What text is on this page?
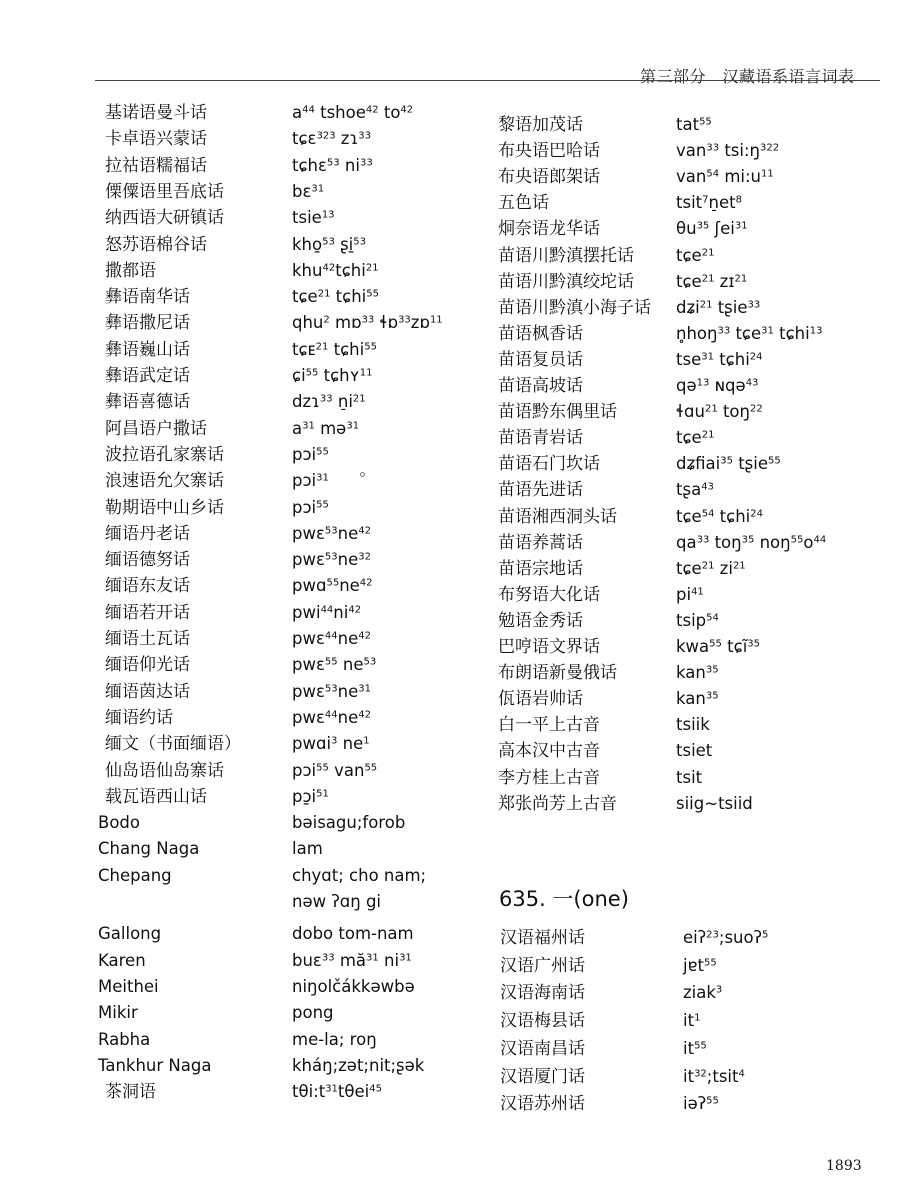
第三部分　汉藏语系语言词表
基诺语曼斗话
卡卓语兴蒙话
拉祜语糯福话
傈僳语里吾底话
纳西语大研镇话
怒苏语棉谷话
撒都语
彝语南华话
彝语撒尼话
彝语巍山话
彝语武定话
彝语喜德话
阿昌语户撒话
波拉语孔家寨话
浪速语允欠寨话
勒期语中山乡话
缅语丹老话
缅语德努话
缅语东友话
缅语若开话
缅语土瓦话
缅语仰光话
缅语茵达话
缅语约话
缅文（书面缅语）
仙岛语仙岛寨话
载瓦语西山话
Bodo
Chang Naga
Chepang
Gallong
Karen
Meithei
Mikir
Rabha
Tankhur Naga
茶洞语
$a^{44}$ tshoe$^{42}$ $to^{42}$
tɕɛ$^{323}$ zɿ$^{33}$
tɕhɛ$^{53}$ $ni^{33}$
bɛ$^{31}$
tsie$^{13}$
kho̱$^{53}$ ʂi̱$^{53}$
khu$^{42}$tɕhi$^{21}$
tɕe$^{21}$ tɕhi$^{55}$
qhu$^2$ mɒ$^{33}$ ɬɒ$^{33}$zɒ$^{11}$
tɕᴇ$^{21}$ tɕhi$^{55}$
ɕi$^{55}$ tɕhʏ$^{11}$
dzɿ$^{33}$ $n̠i^{21}$
$a^{31}$ mə$^{31}$
pɔi$^{55}$
pɔi$^{31}$
pɔi$^{55}$
$pwɛ^{53}ne^{42}$
$pwɛ^{53}ne^{32}$
$pwɑ^{55}ne^{42}$
$pwi^{44}ni^{42}$
$pwɛ^{44}ne^{42}$
pwɛ$^{55}$ $ne^{53}$
$pwɛ^{53}ne^{31}$
$pwɛ^{44}ne^{42}$
pwɑi$^3$ $ne^1$
pɔi$^{55}$ van$^{55}$
$pɔ̱i^{51}$
bəisagu;forob
lam
chyɑt; cho nam;
nəw ʔɑŋ gi
dobo tom-nam
buɛ$^{33}$ $mă^{31}$ $ni^{31}$
niŋolčákkəwbə
pong
me-la; roŋ
kháŋ;zət;nit;ʂək
$t\theta i:t^{31}t\theta ei^{45}$
黎语加茂话
布央语巴哈话
布央语郎架话
五色话
炯奈语龙华话
苗语川黔滇摆托话
苗语川黔滇绞坨话
苗语川黔滇小海子话
苗语枫香话
苗语复员话
苗语高坡话
苗语黔东偶里话
苗语青岩话
苗语石门坎话
苗语先进话
苗语湘西洞头话
苗语养蒿话
苗语宗地话
布努语大化话
勉语金秀话
巴哼语文界话
布朗语新曼俄话
佤语岩帅话
白一平上古音
高本汉中古音
李方桂上古音
郑张尚芳上古音
tat$^{55}$
van$^{33}$ $tsi:ŋ^{322}$
van$^{54}$ $mi:u^{11}$
$tsit^7n̠et^8$
$\theta u^{35}$ ʃei$^{31}$
tɕe$^{21}$
tɕe$^{21}$ zɪ$^{21}$
dʑi$^{21}$ tʂie$^{33}$
n̥hoŋ$^{33}$ tɕe$^{31}$ tɕhi$^{13}$
tse$^{31}$ tɕhi$^{24}$
qə$^{13}$ ɴqə$^{43}$
ɬɑu$^{21}$ toŋ$^{22}$
tɕe$^{21}$
dʑfiai$^{35}$ tʂie$^{55}$
tʂa$^{43}$
tɕe$^{54}$ tɕhi$^{24}$
$qa^{33}$ toŋ$^{35}$ $noŋ^{55}o^{44}$
tɕe$^{21}$ $zi^{21}$
$pi^{41}$
tsip$^{54}$
kwa$^{55}$ tɕĩ$^{35}$
kan$^{35}$
kan$^{35}$
tsiik
tsiet
tsit
siig~tsiid
635. 一(one)
汉语福州话
汉语广州话
汉语海南话
汉语梅县话
汉语南昌话
汉语厦门话
汉语苏州话
eiʔ$^{23}$;suoʔ$^5$
jɐt$^{55}$
ziak$^3$
$it^1$
$it^{55}$
$it^{32};tsit^4$
iəʔ$^{55}$
1893
